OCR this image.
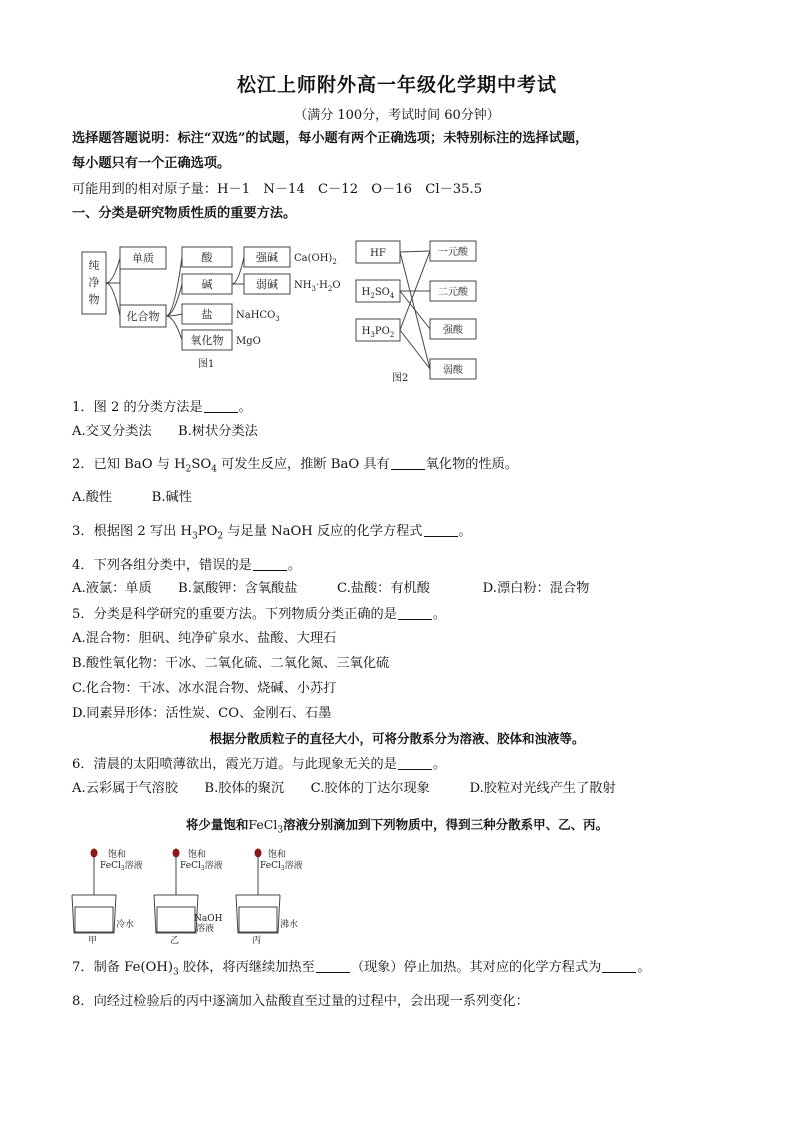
松江上师附外高一年级化学期中考试
（满分 100分，考试时间 60分钟）
选择题答题说明：标注“双选”的试题，每小题有两个正确选项；未特别标注的选择试题，
每小题只有一个正确选项。
可能用到的相对原子量：H－1　N－14　C－12　O－16　Cl－35.5
一、分类是研究物质性质的重要方法。
纯
净
物
单质
化合物
酸
碱
盐
氧化物
强碱
弱碱
$Ca(OH)_2$
$NH_3\cdot H_2O$
NaHCO$_3$
MgO
图1
HF
$H_2SO_4$
$H_3PO_2$
一元酸
二元酸
强酸
弱酸
图2
1．图 2 的分类方法是	。
A.交叉分类法　　B.树状分类法
2．已知 BaO 与 $H_2SO_4$ 可发生反应，推断 BaO 具有	氧化物的性质。
A.酸性　　　B.碱性
3．根据图 2 写出 $H_3PO_2$ 与足量 NaOH 反应的化学方程式	。
4．下列各组分类中，错误的是	。
A.液氯：单质　　B.氯酸钾：含氧酸盐　　　C.盐酸：有机酸　　　　D.漂白粉：混合物
5．分类是科学研究的重要方法。下列物质分类正确的是	。
A.混合物：胆矾、纯净矿泉水、盐酸、大理石
B.酸性氧化物：干冰、二氧化硫、二氧化氮、三氧化硫
C.化合物：干冰、冰水混合物、烧碱、小苏打
D.同素异形体：活性炭、CO、金刚石、石墨
根据分散质粒子的直径大小，可将分散系分为溶液、胶体和浊液等。
6．清晨的太阳喷薄欲出，霞光万道。与此现象无关的是	。
A.云彩属于气溶胶　　B.胶体的聚沉　　C.胶体的丁达尔现象　　　D.胶粒对光线产生了散射
将少量饱和FeCl$_3$溶液分别滴加到下列物质中，得到三种分散系甲、乙、丙。
饱和
FeCl$_3$溶液
冷水
甲
饱和
FeCl$_3$溶液
NaOH
溶液
乙
饱和
FeCl$_3$溶液
沸水
丙
7．制备 $Fe(OH)_3$ 胶体，将丙继续加热至	（现象）停止加热。其对应的化学方程式为	。
8．向经过检验后的丙中逐滴加入盐酸直至过量的过程中，会出现一系列变化：
